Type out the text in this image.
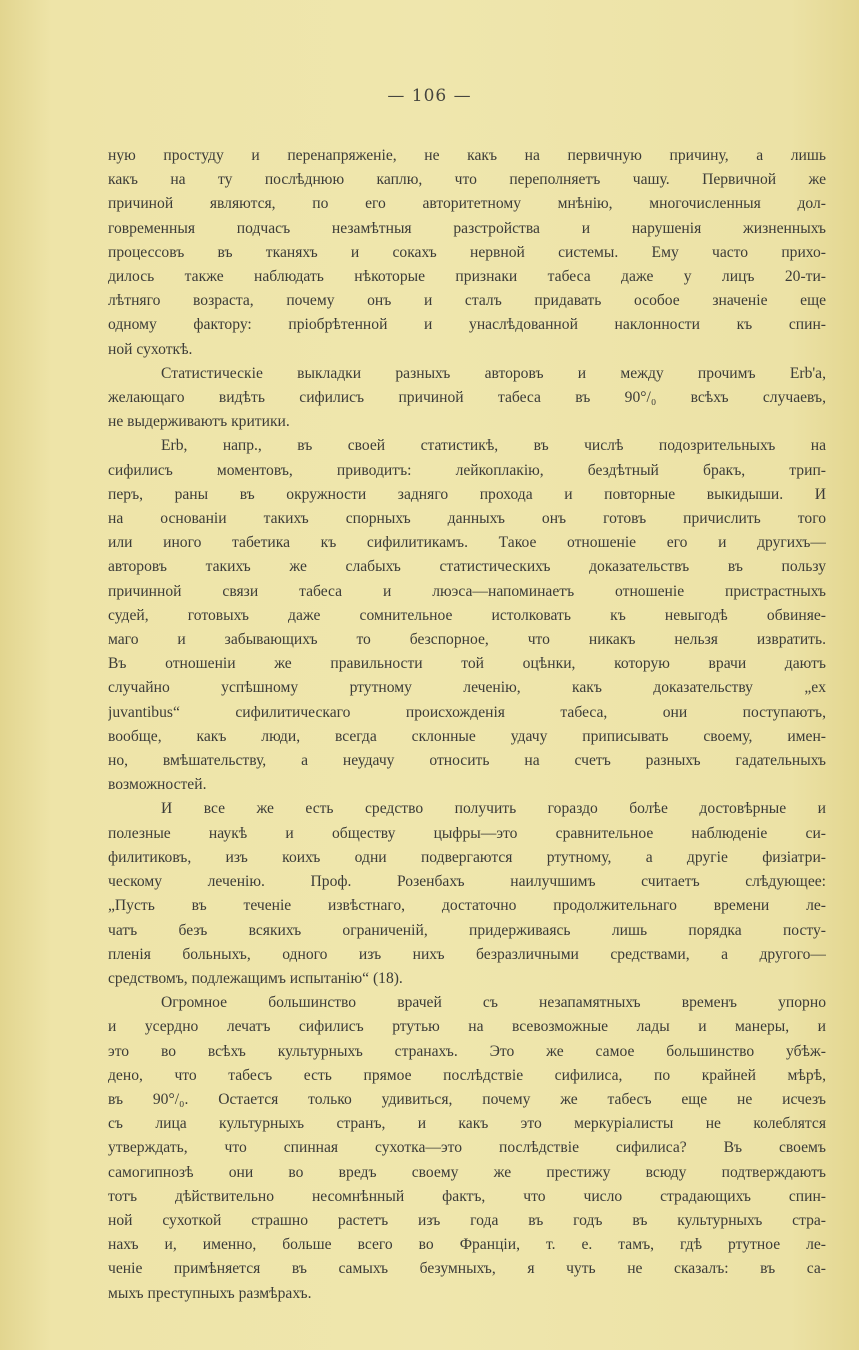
— 106 —

ную простуду и перенапряженіе, не какъ на первичную причину, а лишь
какъ на ту послѣднюю каплю, что переполняетъ чашу. Первичной же
причиной являются, по его авторитетному мнѣнію, многочисленныя дол-
говременныя подчасъ незамѣтныя разстройства и нарушенія жизненныхъ
процессовъ въ тканяхъ и сокахъ нервной системы. Ему часто прихо-
дилось также наблюдать нѣкоторые признаки табеса даже у лицъ 20-ти-
лѣтняго возраста, почему онъ и сталъ придавать особое значеніе еще
одному фактору: пріобрѣтенной и унаслѣдованной наклонности къ спин-
ной сухоткѣ.

Статистическіе выкладки разныхъ авторовъ и между прочимъ Erb'a,
желающаго видѣть сифилисъ причиной табеса въ 90°/₀ всѣхъ случаевъ,
не выдерживаютъ критики.

Erb, напр., въ своей статистикѣ, въ числѣ подозрительныхъ на
сифилисъ моментовъ, приводитъ: лейкоплакію, бездѣтный бракъ, трип-
перъ, раны въ окружности задняго прохода и повторные выкидыши. И
на основаніи такихъ спорныхъ данныхъ онъ готовъ причислить того
или иного табетика къ сифилитикамъ. Такое отношеніе его и другихъ—
авторовъ такихъ же слабыхъ статистическихъ доказательствъ въ пользу
причинной связи табеса и люэса—напоминаетъ отношеніе пристрастныхъ
судей, готовыхъ даже сомнительное истолковать къ невыгодѣ обвиняе-
маго и забывающихъ то безспорное, что никакъ нельзя извратить.
Въ отношеніи же правильности той оцѣнки, которую врачи даютъ
случайно успѣшному ртутному леченію, какъ доказательству „ex
juvantibus“ сифилитическаго происхожденія табеса, они поступаютъ,
вообще, какъ люди, всегда склонные удачу приписывать своему, имен-
но, вмѣшательству, а неудачу относить на счетъ разныхъ гадательныхъ
возможностей.

И все же есть средство получить гораздо болѣе достовѣрные и
полезные наукѣ и обществу цыфры—это сравнительное наблюденіе си-
филитиковъ, изъ коихъ одни подвергаются ртутному, а другіе физіатри-
ческому леченію. Проф. Розенбахъ наилучшимъ считаетъ слѣдующее:
„Пусть въ теченіе извѣстнаго, достаточно продолжительнаго времени ле-
чатъ безъ всякихъ ограниченій, придерживаясь лишь порядка посту-
пленія больныхъ, одного изъ нихъ безразличными средствами, а другого—
средствомъ, подлежащимъ испытанію“ (18).

Огромное большинство врачей съ незапамятныхъ временъ упорно
и усердно лечатъ сифилисъ ртутью на всевозможные лады и манеры, и
это во всѣхъ культурныхъ странахъ. Это же самое большинство убѣж-
дено, что табесъ есть прямое послѣдствіе сифилиса, по крайней мѣрѣ,
въ 90°/₀. Остается только удивиться, почему же табесъ еще не исчезъ
съ лица культурныхъ странъ, и какъ это меркуріалисты не колеблятся
утверждать, что спинная сухотка—это послѣдствіе сифилиса? Въ своемъ
самогипнозѣ они во вредъ своему же престижу всюду подтверждаютъ
тотъ дѣйствительно несомнѣнный фактъ, что число страдающихъ спин-
ной сухоткой страшно растетъ изъ года въ годъ въ культурныхъ стра-
нахъ и, именно, больше всего во Франціи, т. е. тамъ, гдѣ ртутное ле-
ченіе примѣняется въ самыхъ безумныхъ, я чуть не сказалъ: въ са-
мыхъ преступныхъ размѣрахъ.
